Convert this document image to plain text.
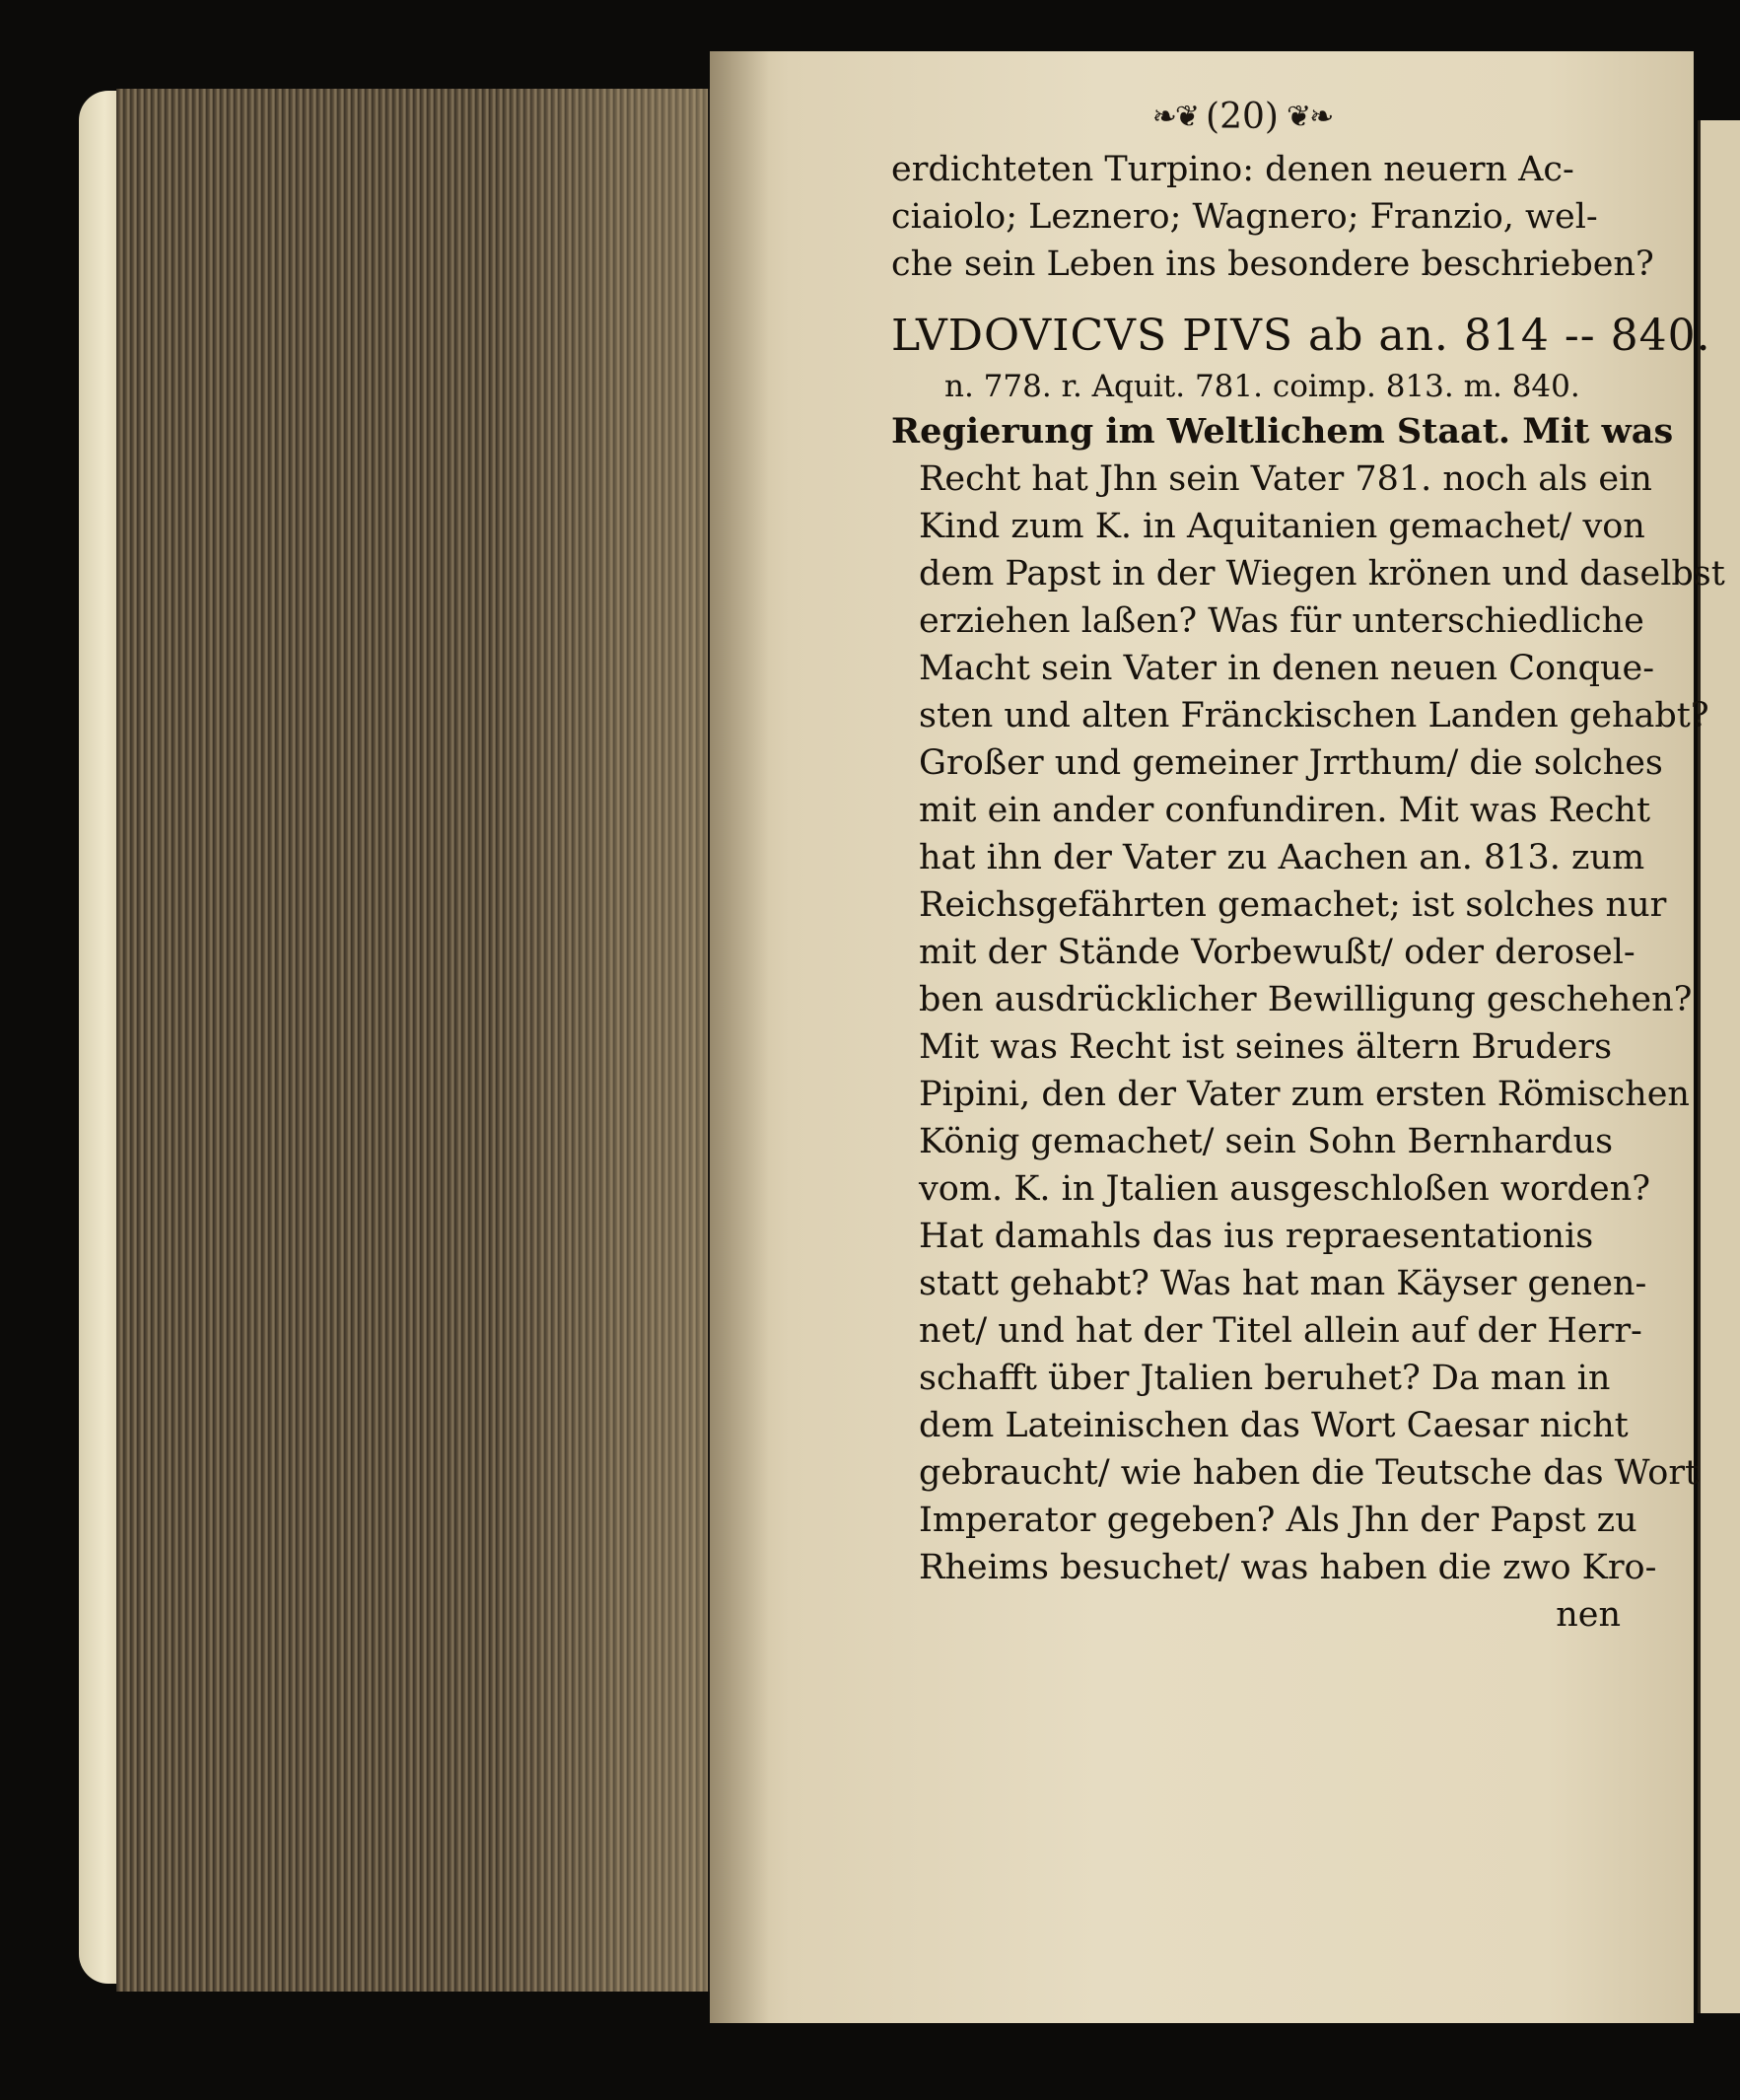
❧❦ (20) ❦❧
erdichteten Turpino: denen neuern Ac-
ciaiolo; Leznero; Wagnero; Franzio, wel-
che sein Leben ins besondere beschrieben?
LVDOVICVS PIVS ab an. 814 -- 840.
n. 778. r. Aquit. 781. coimp. 813. m. 840.
Regierung im Weltlichem Staat. Mit was
Recht hat Jhn sein Vater 781. noch als ein
Kind zum K. in Aquitanien gemachet/ von
dem Papst in der Wiegen krönen und daselbst
erziehen laßen? Was für unterschiedliche
Macht sein Vater in denen neuen Conque-
sten und alten Fränckischen Landen gehabt?
Großer und gemeiner Jrrthum/ die solches
mit ein ander confundiren. Mit was Recht
hat ihn der Vater zu Aachen an. 813. zum
Reichsgefährten gemachet; ist solches nur
mit der Stände Vorbewußt/ oder derosel-
ben ausdrücklicher Bewilligung geschehen?
Mit was Recht ist seines ältern Bruders
Pipini, den der Vater zum ersten Römischen
König gemachet/ sein Sohn Bernhardus
vom. K. in Jtalien ausgeschloßen worden?
Hat damahls das ius repraesentationis
statt gehabt? Was hat man Käyser genen-
net/ und hat der Titel allein auf der Herr-
schafft über Jtalien beruhet? Da man in
dem Lateinischen das Wort Caesar nicht
gebraucht/ wie haben die Teutsche das Wort
Imperator gegeben? Als Jhn der Papst zu
Rheims besuchet/ was haben die zwo Kro-
nen
